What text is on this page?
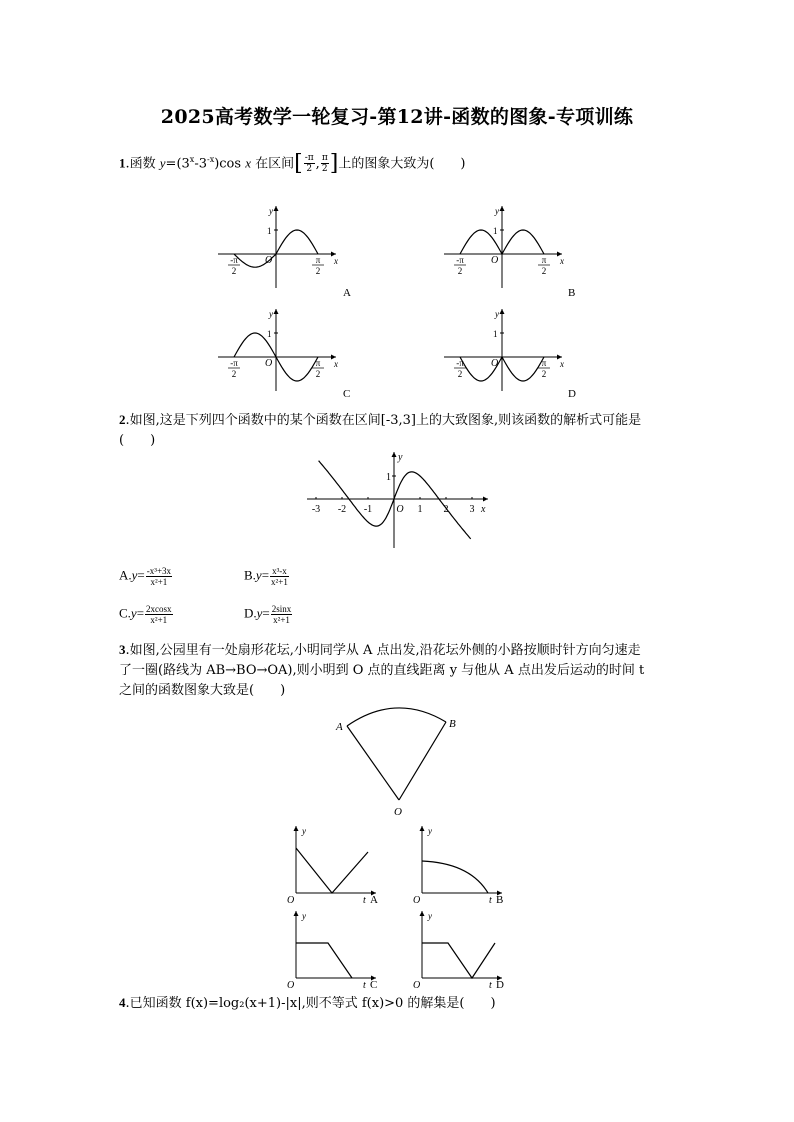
2025高考数学一轮复习-第12讲-函数的图象-专项训练
1.函数 $y=(3^x-3^{-x})\cos$ x 在区间[ $\frac{-\pi}{2}$ , $\frac{\pi}{2}$ ]上的图象大致为(　　)
x
y
O
1
-π
2
π
2
A
x
y
O
1
-π
2
π
2
B
x
y
O
1
-π
2
π
2
C
x
y
O
1
-π
2
π
2
D
2.如图,这是下列四个函数中的某个函数在区间[-3,3]上的大致图象,则该函数的解析式可能是
(　　)
x
y
1
-3 -2 -1 O 1 2 3
$A.y= \frac{\text{-x³+3x}}{\text{x²+1}}$	$B.y= \frac{\text{x³-x}}{\text{x²+1}}$
$C.y= \frac{2xcosx}{\text{x²+1}}$	$D.y= \frac{2\sin x}{\text{x²+1}}$
3.如图,公园里有一处扇形花坛,小明同学从 A 点出发,沿花坛外侧的小路按顺时针方向匀速走
了一圈(路线为 AB→BO→OA),则小明到 O 点的直线距离 y 与他从 A 点出发后运动的时间 t
之间的函数图象大致是(　　)
A	B
O
y
O	t A
y
O	t B
y
O	t C
y
O	t D
4.已知函数 f(x)=log₂(x+1)-|x|,则不等式 f(x)>0 的解集是(　　)
